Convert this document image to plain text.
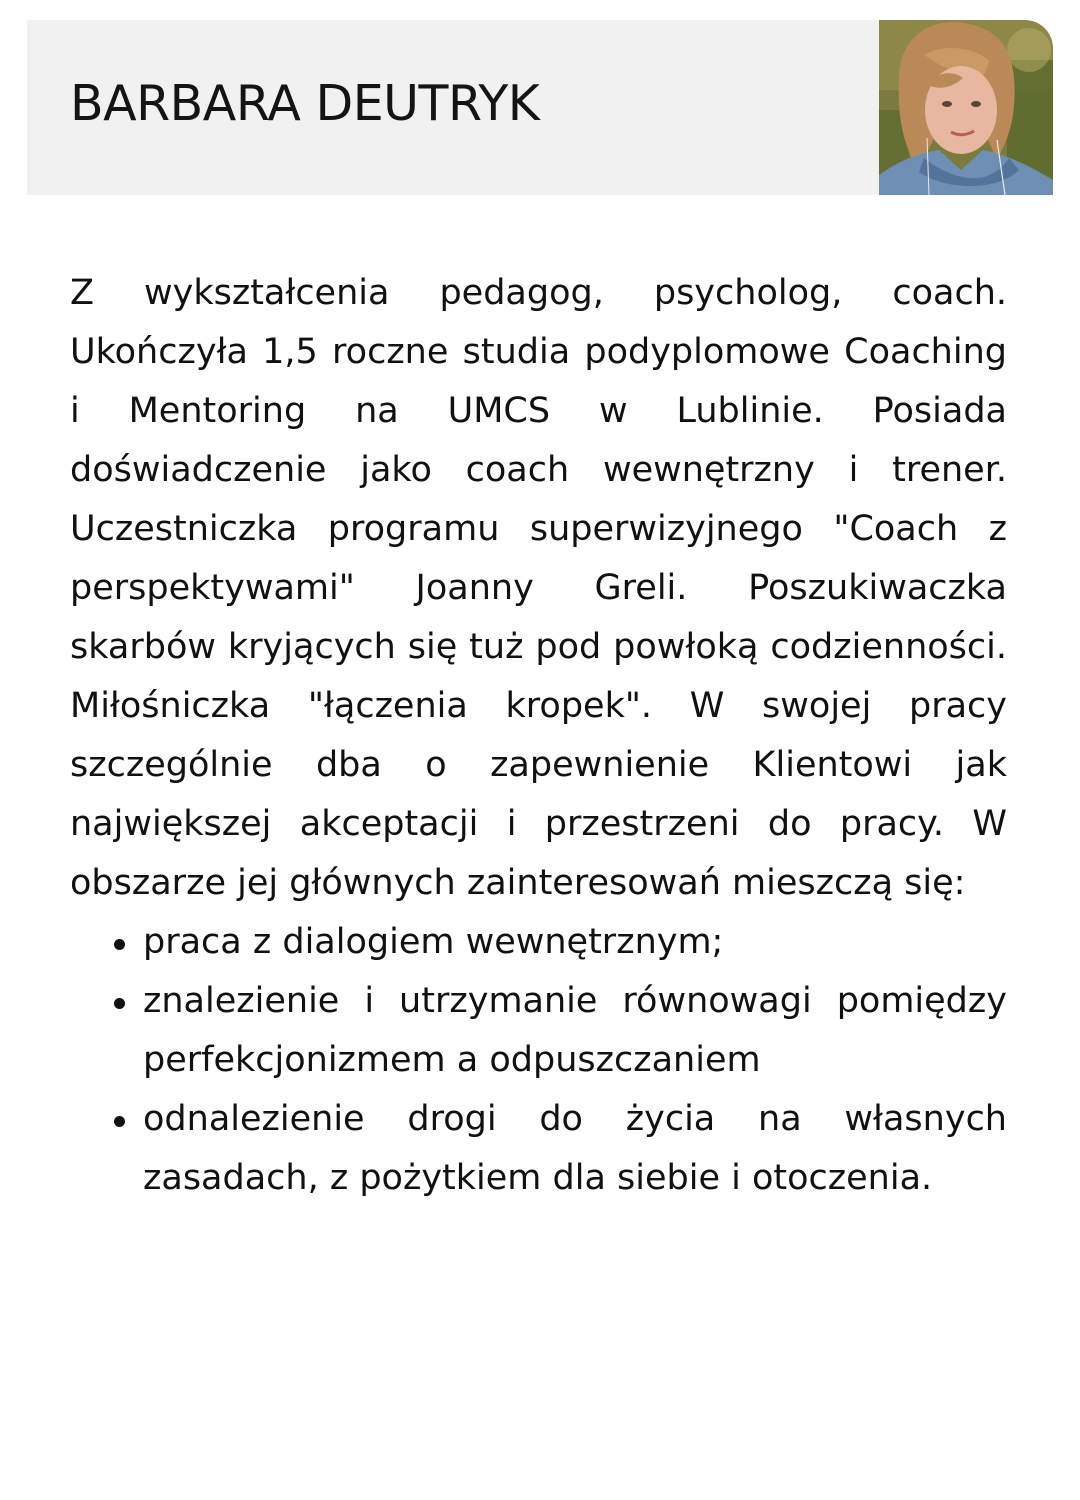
BARBARA DEUTRYK

Z wykształcenia pedagog, psycholog, coach. Ukończyła 1,5 roczne studia podyplomowe Coaching i Mentoring na UMCS w Lublinie. Posiada doświadczenie jako coach wewnętrzny i trener. Uczestniczka programu superwizyjnego "Coach z perspektywami" Joanny Greli. Poszukiwaczka skarbów kryjących się tuż pod powłoką codzienności. Miłośniczka "łączenia kropek". W swojej pracy szczególnie dba o zapewnienie Klientowi jak największej akceptacji i przestrzeni do pracy. W obszarze jej głównych zainteresowań mieszczą się:

praca z dialogiem wewnętrznym;
znalezienie i utrzymanie równowagi pomiędzy perfekcjonizmem a odpuszczaniem
odnalezienie drogi do życia na własnych zasadach, z pożytkiem dla siebie i otoczenia.
